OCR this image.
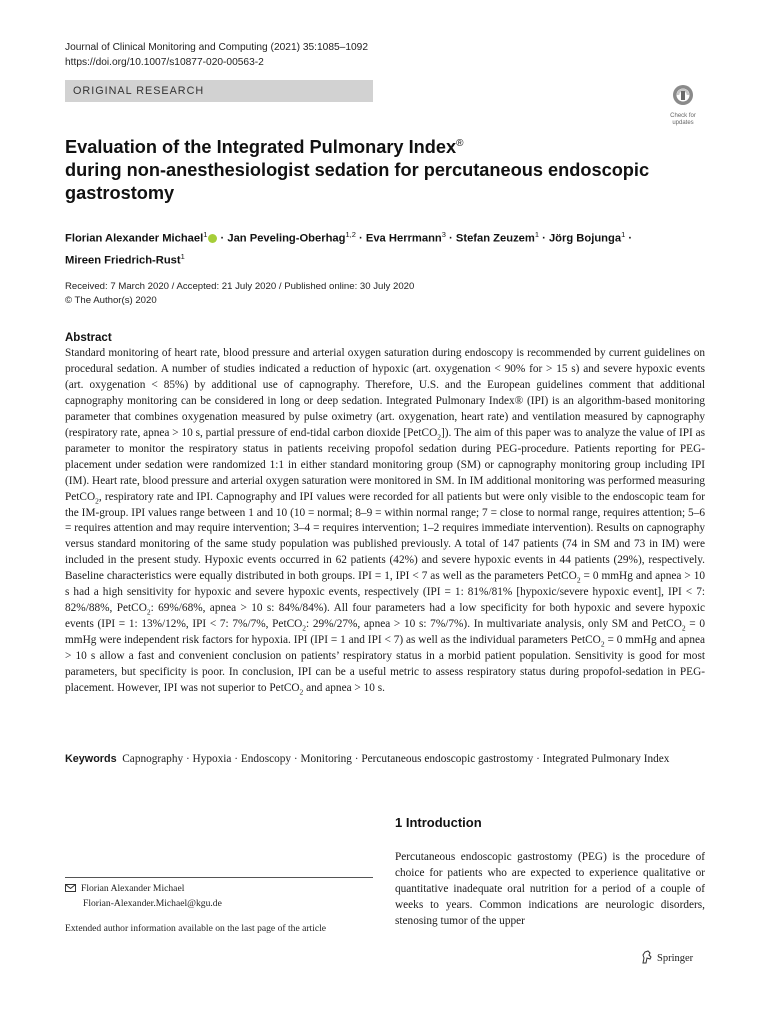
Journal of Clinical Monitoring and Computing (2021) 35:1085–1092
https://doi.org/10.1007/s10877-020-00563-2
ORIGINAL RESEARCH
Check for
updates
Evaluation of the Integrated Pulmonary Index®
during non-anesthesiologist sedation for percutaneous endoscopic
gastrostomy
Florian Alexander Michael$^1$ · Jan Peveling-Oberhag$^{1,2}$ · Eva Herrmann$^3$ · Stefan Zeuzem$^1$ · Jörg Bojunga$^1$ ·
Mireen Friedrich-Rust$^1$
Received: 7 March 2020 / Accepted: 21 July 2020 / Published online: 30 July 2020
© The Author(s) 2020
Abstract

Standard monitoring of heart rate, blood pressure and arterial oxygen saturation during endoscopy is recommended by current guidelines on procedural sedation. A number of studies indicated a reduction of hypoxic (art. oxygenation < 90% for > 15 s) and severe hypoxic events (art. oxygenation < 85%) by additional use of capnography. Therefore, U.S. and the European guidelines comment that additional capnography monitoring can be considered in long or deep sedation. Integrated Pulmonary Index® (IPI) is an algorithm-based monitoring parameter that combines oxygenation measured by pulse oximetry (art. oxygenation, heart rate) and ventilation measured by capnography (respiratory rate, apnea > 10 s, partial pressure of end-tidal carbon dioxide [PetCO$_2$]). The aim of this paper was to analyze the value of IPI as parameter to monitor the respiratory status in patients receiving propofol sedation during PEG-procedure. Patients reporting for PEG-placement under sedation were randomized 1:1 in either standard monitoring group (SM) or capnography monitoring group including IPI (IM). Heart rate, blood pressure and arterial oxygen saturation were monitored in SM. In IM additional monitoring was performed measuring PetCO$_2$, respiratory rate and IPI. Capnography and IPI values were recorded for all patients but were only visible to the endoscopic team for the IM-group. IPI values range between 1 and 10 (10 = normal; 8–9 = within normal range; 7 = close to normal range, requires attention; 5–6 = requires attention and may require intervention; 3–4 = requires intervention; 1–2 requires immediate intervention). Results on capnography versus standard monitoring of the same study population was published previously. A total of 147 patients (74 in SM and 73 in IM) were included in the present study. Hypoxic events occurred in 62 patients (42%) and severe hypoxic events in 44 patients (29%), respectively. Baseline characteristics were equally distributed in both groups. IPI = 1, IPI < 7 as well as the parameters PetCO$_2$ = 0 mmHg and apnea > 10 s had a high sensitivity for hypoxic and severe hypoxic events, respectively (IPI = 1: 81%/81% [hypoxic/severe hypoxic event], IPI < 7: 82%/88%, PetCO$_2$: 69%/68%, apnea > 10 s: 84%/84%). All four parameters had a low specificity for both hypoxic and severe hypoxic events (IPI = 1: 13%/12%, IPI < 7: 7%/7%, PetCO$_2$: 29%/27%, apnea > 10 s: 7%/7%). In multivariate analysis, only SM and PetCO$_2$ = 0 mmHg were independent risk factors for hypoxia. IPI (IPI = 1 and IPI < 7) as well as the individual parameters PetCO$_2$ = 0 mmHg and apnea > 10 s allow a fast and convenient conclusion on patients’ respiratory status in a morbid patient population. Sensitivity is good for most parameters, but specificity is poor. In conclusion, IPI can be a useful metric to assess respiratory status during propofol-sedation in PEG-placement. However, IPI was not superior to PetCO$_2$ and apnea > 10 s.

Keywords Capnography · Hypoxia · Endoscopy · Monitoring · Percutaneous endoscopic gastrostomy · Integrated Pulmonary Index
1 Introduction

Percutaneous endoscopic gastrostomy (PEG) is the procedure of choice for patients who are expected to experience qualitative or quantitative inadequate oral nutrition for a period of a couple of weeks to years. Common indications are neurologic disorders, stenosing tumor of the upper

Florian Alexander Michael
Florian-Alexander.Michael@kgu.de
Extended author information available on the last page of the article
Springer
